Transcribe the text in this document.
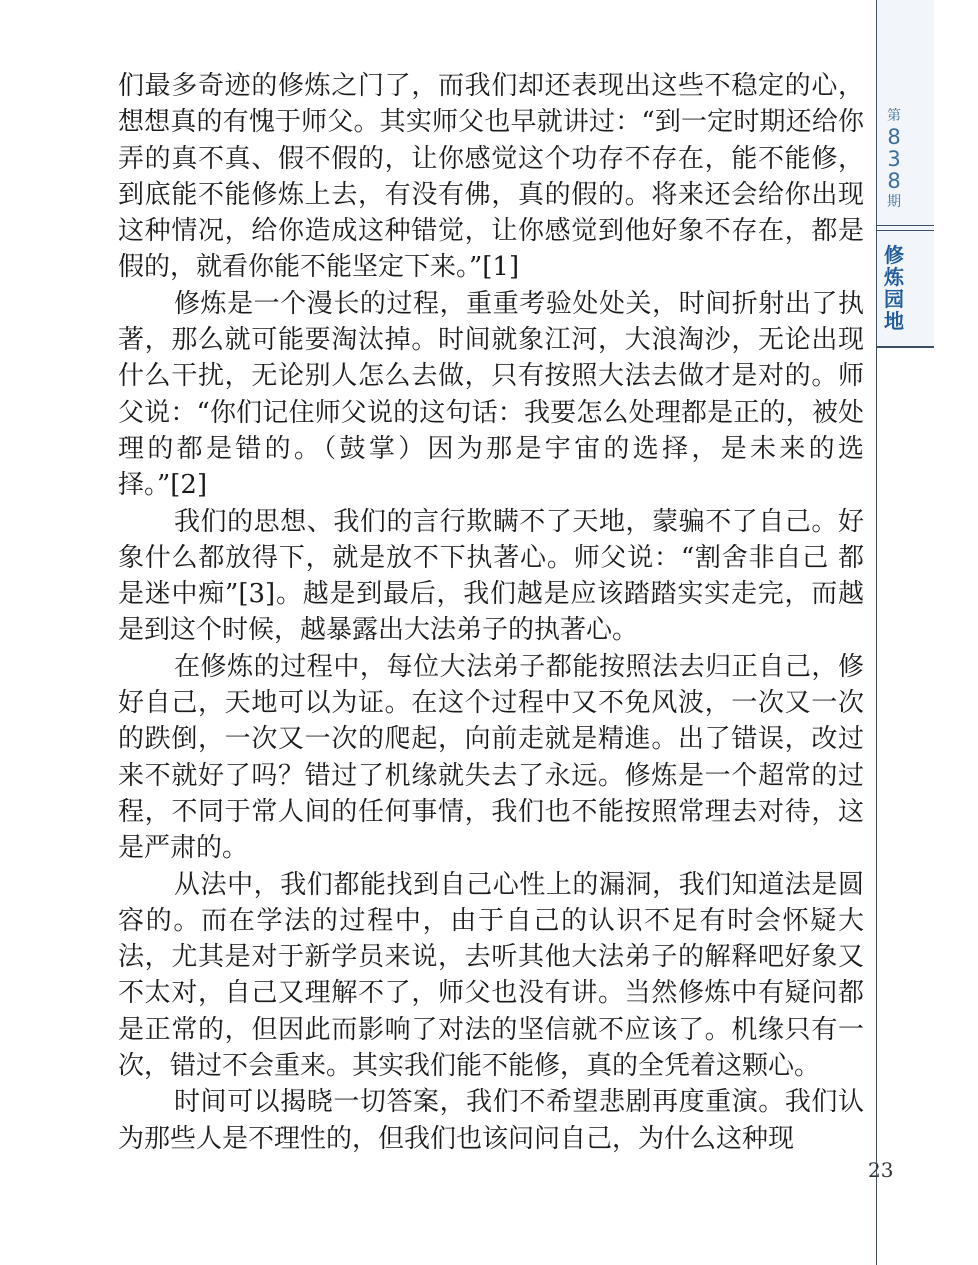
们最多奇迹的修炼之门了，而我们却还表现出这些不稳定的心，想想真的有愧于师父。其实师父也早就讲过：“到一定时期还给你弄的真不真、假不假的，让你感觉这个功存不存在，能不能修，到底能不能修炼上去，有没有佛，真的假的。将来还会给你出现这种情况，给你造成这种错觉，让你感觉到他好象不存在，都是假的，就看你能不能坚定下来。”[1]

修炼是一个漫长的过程，重重考验处处关，时间折射出了执著，那么就可能要淘汰掉。时间就象江河，大浪淘沙，无论出现什么干扰，无论别人怎么去做，只有按照大法去做才是对的。师父说：“你们记住师父说的这句话：我要怎么处理都是正的，被处理的都是错的。（鼓掌）因为那是宇宙的选择，是未来的选择。”[2]

我们的思想、我们的言行欺瞒不了天地，蒙骗不了自己。好象什么都放得下，就是放不下执著心。师父说：“割舍非自己 都是迷中痴”[3]。越是到最后，我们越是应该踏踏实实走完，而越是到这个时候，越暴露出大法弟子的执著心。

在修炼的过程中，每位大法弟子都能按照法去归正自己，修好自己，天地可以为证。在这个过程中又不免风波，一次又一次的跌倒，一次又一次的爬起，向前走就是精進。出了错误，改过来不就好了吗？错过了机缘就失去了永远。修炼是一个超常的过程，不同于常人间的任何事情，我们也不能按照常理去对待，这是严肃的。

从法中，我们都能找到自己心性上的漏洞，我们知道法是圆容的。而在学法的过程中，由于自己的认识不足有时会怀疑大法，尤其是对于新学员来说，去听其他大法弟子的解释吧好象又不太对，自己又理解不了，师父也没有讲。当然修炼中有疑问都是正常的，但因此而影响了对法的坚信就不应该了。机缘只有一次，错过不会重来。其实我们能不能修，真的全凭着这颗心。

时间可以揭晓一切答案，我们不希望悲剧再度重演。我们认为那些人是不理性的，但我们也该问问自己，为什么这种现

第
8
3
8
期
修
炼
园
地
23
